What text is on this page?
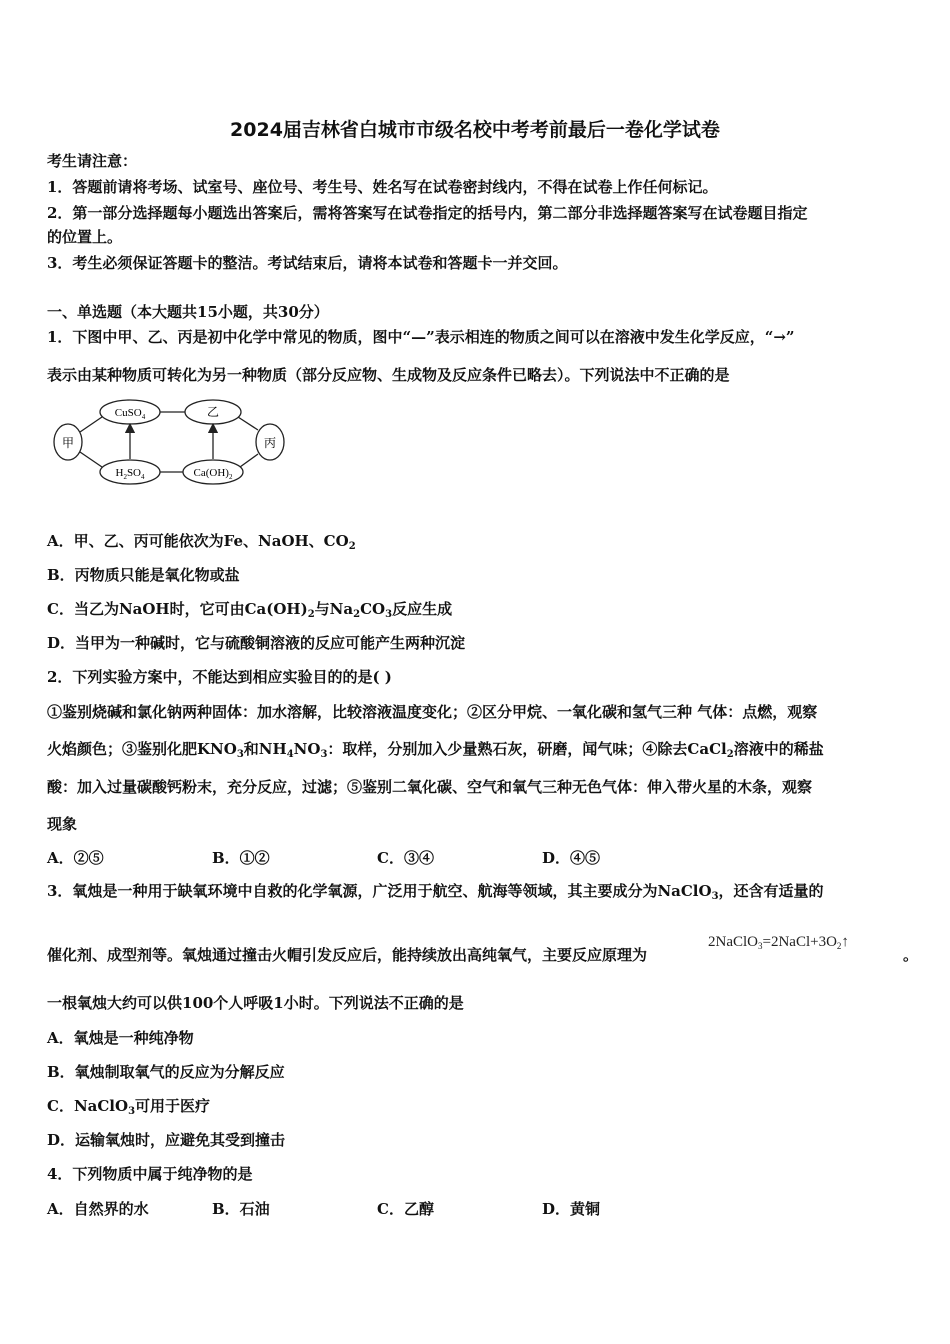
2024届吉林省白城市市级名校中考考前最后一卷化学试卷
考生请注意：
1．答题前请将考场、试室号、座位号、考生号、姓名写在试卷密封线内，不得在试卷上作任何标记。
2．第一部分选择题每小题选出答案后，需将答案写在试卷指定的括号内，第二部分非选择题答案写在试卷题目指定
的位置上。
3．考生必须保证答题卡的整洁。考试结束后，请将本试卷和答题卡一并交回。
一、单选题（本大题共15小题，共30分）
1．下图中甲、乙、丙是初中化学中常见的物质，图中“—”表示相连的物质之间可以在溶液中发生化学反应，“→”
表示由某种物质可转化为另一种物质（部分反应物、生成物及反应条件已略去）。下列说法中不正确的是
甲
CuSO$_4$	乙
丙
$H_2SO_4$	$Ca(OH)_2$
A．甲、乙、丙可能依次为Fe、NaOH、$CO_2$
B．丙物质只能是氧化物或盐
C．当乙为NaOH时，它可由$Ca(OH)_2$与$Na_2CO_3$反应生成
D．当甲为一种碱时，它与硫酸铜溶液的反应可能产生两种沉淀
2．下列实验方案中，不能达到相应实验目的的是( )
①鉴别烧碱和氯化钠两种固体：加水溶解，比较溶液温度变化；②区分甲烷、一氧化碳和氢气三种 气体：点燃，观察
火焰颜色；③鉴别化肥$KNO_3$和$NH_4NO_3$：取样，分别加入少量熟石灰，研磨，闻气味；④除去CaCl$_2$溶液中的稀盐
酸：加入过量碳酸钙粉末，充分反应，过滤；⑤鉴别二氧化碳、空气和氧气三种无色气体：伸入带火星的木条，观察
现象
A．②⑤	B．①②	C．③④	D．④⑤
3．氧烛是一种用于缺氧环境中自救的化学氧源，广泛用于航空、航海等领域，其主要成分为NaClO$_3$，还含有适量的
催化剂、成型剂等。氧烛通过撞击火帽引发反应后，能持续放出高纯氧气，主要反应原理为
$2NaClO_3=2NaCl+3O_2↑$
。
一根氧烛大约可以供100个人呼吸1小时。下列说法不正确的是
A．氧烛是一种纯净物
B．氧烛制取氧气的反应为分解反应
C．NaClO$_3$可用于医疗
D．运输氧烛时，应避免其受到撞击
4．下列物质中属于纯净物的是
A．自然界的水	B．石油	C．乙醇	D．黄铜
